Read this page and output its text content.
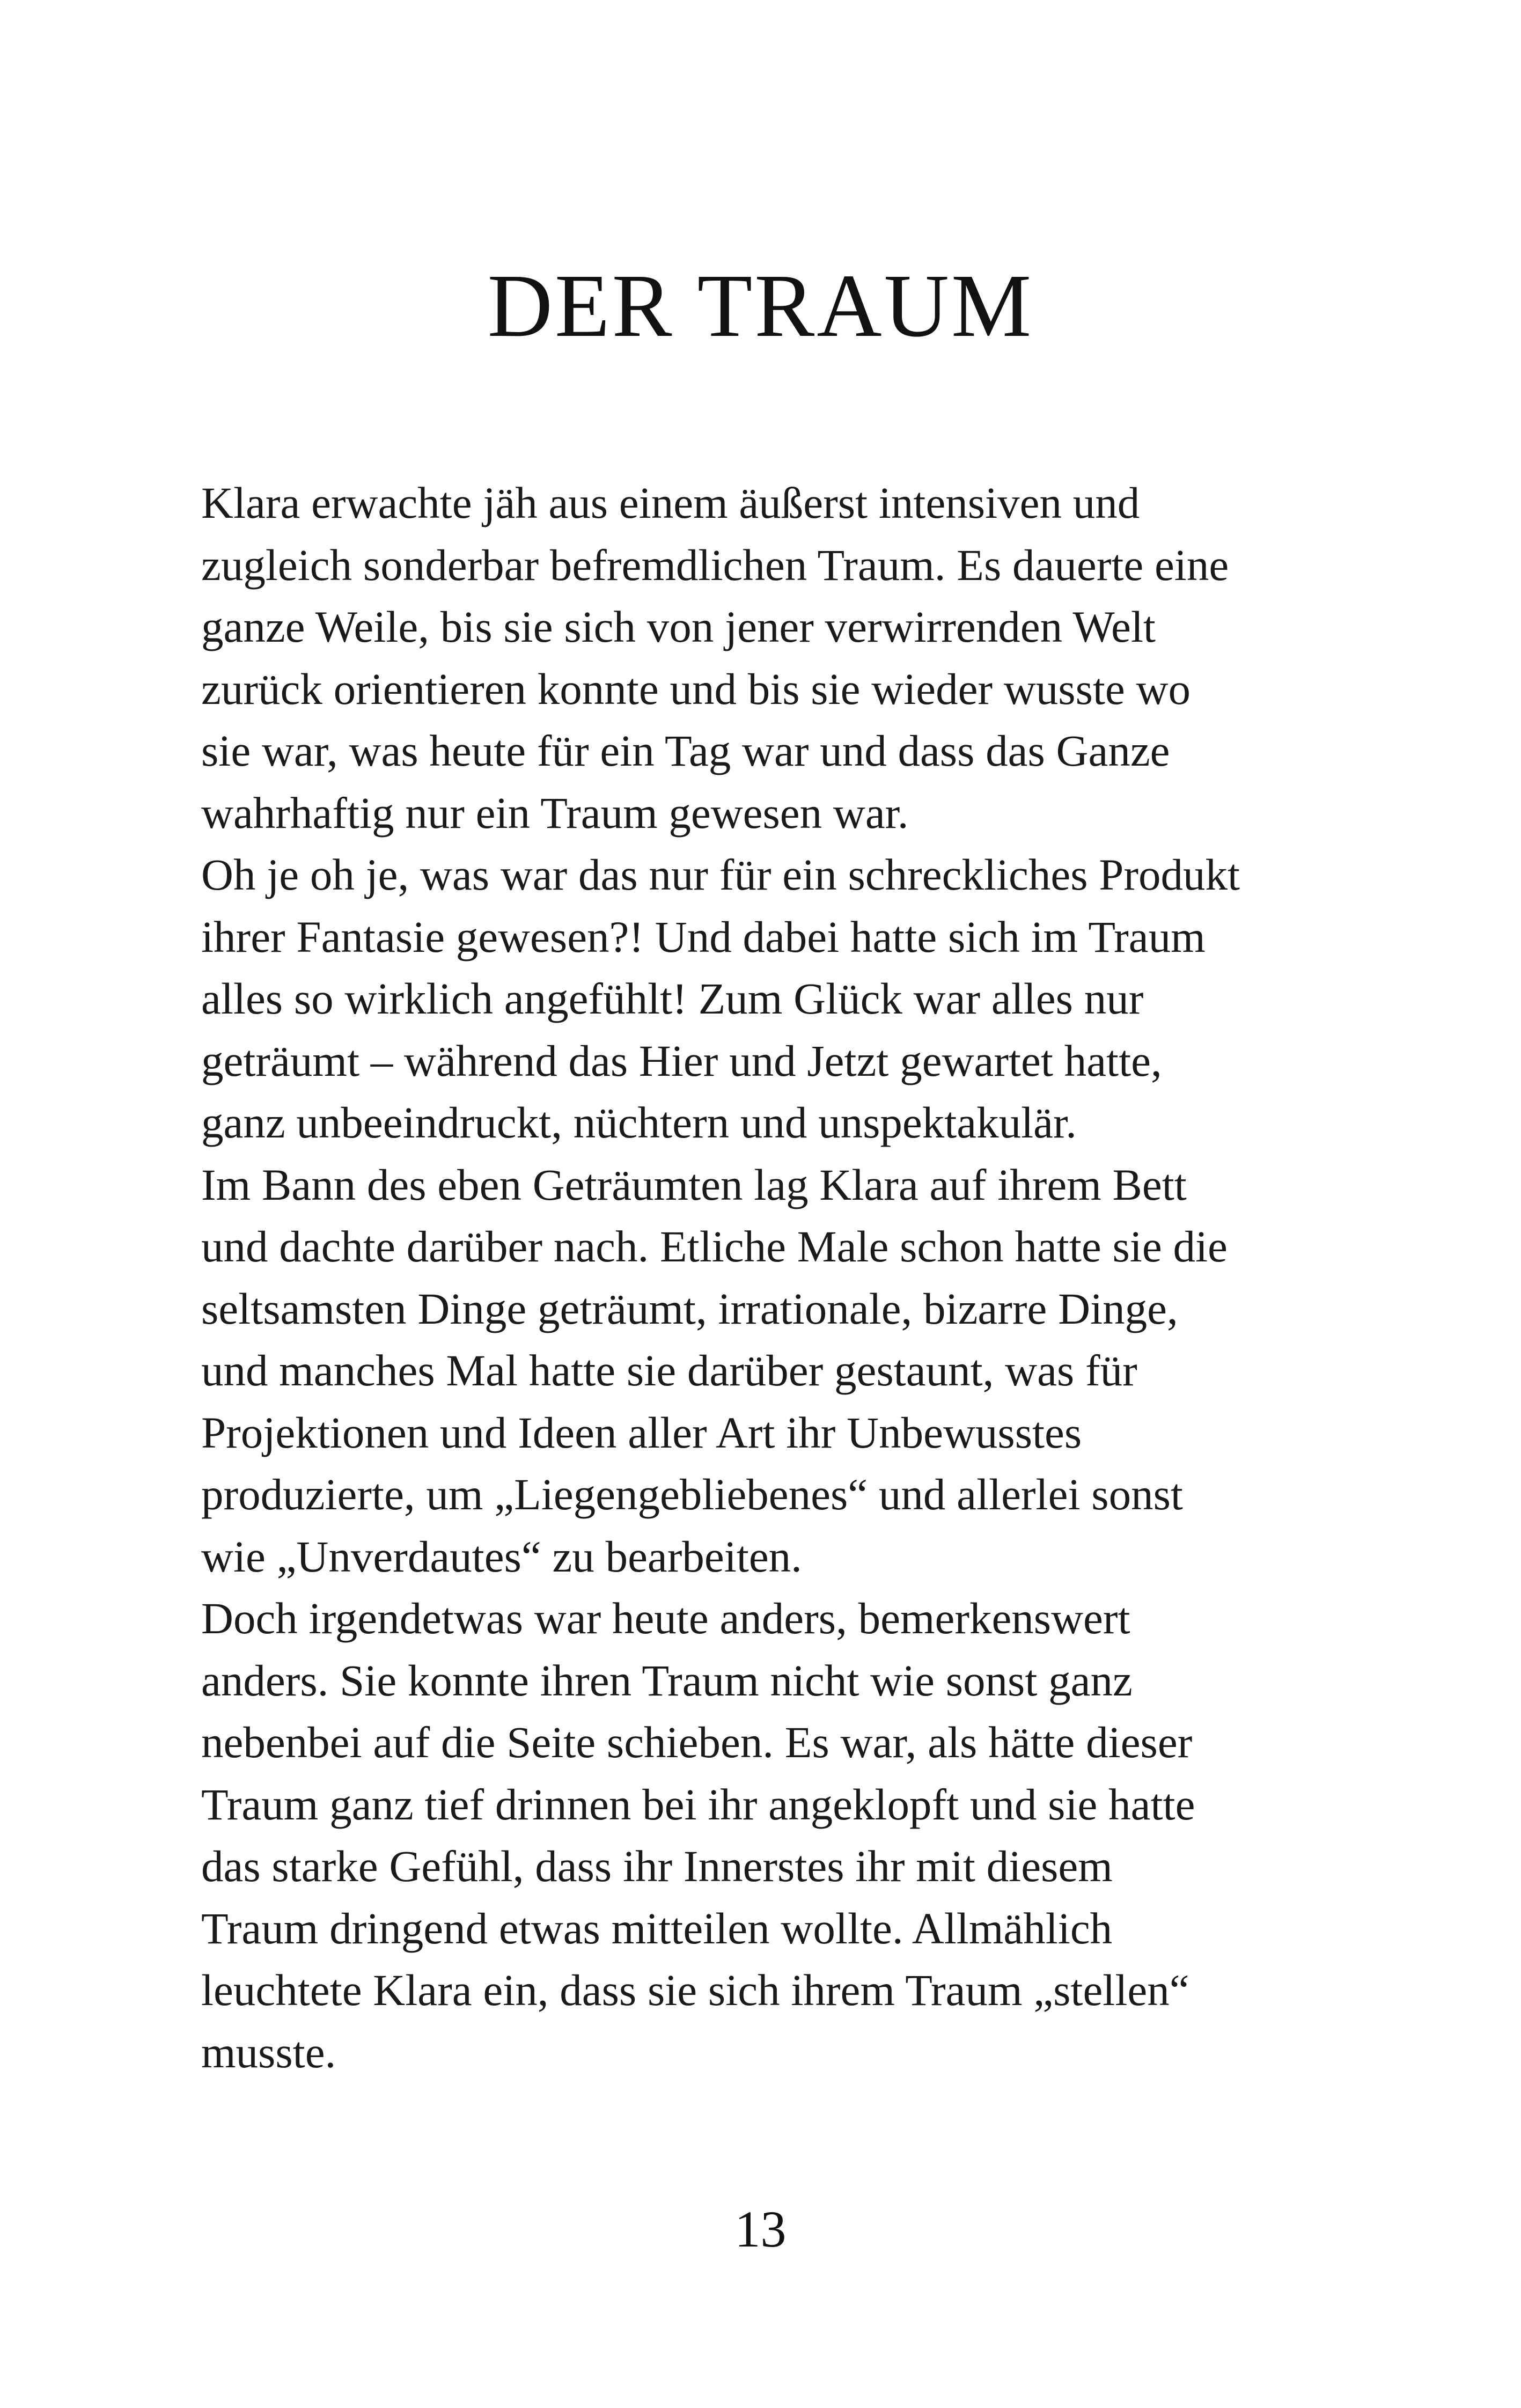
DER TRAUM
Klara erwachte jäh aus einem äußerst intensiven und
zugleich sonderbar befremdlichen Traum. Es dauerte eine
ganze Weile, bis sie sich von jener verwirrenden Welt
zurück orientieren konnte und bis sie wieder wusste wo
sie war, was heute für ein Tag war und dass das Ganze
wahrhaftig nur ein Traum gewesen war.
Oh je oh je, was war das nur für ein schreckliches Produkt
ihrer Fantasie gewesen?! Und dabei hatte sich im Traum
alles so wirklich angefühlt! Zum Glück war alles nur
geträumt – während das Hier und Jetzt gewartet hatte,
ganz unbeeindruckt, nüchtern und unspektakulär.
Im Bann des eben Geträumten lag Klara auf ihrem Bett
und dachte darüber nach. Etliche Male schon hatte sie die
seltsamsten Dinge geträumt, irrationale, bizarre Dinge,
und manches Mal hatte sie darüber gestaunt, was für
Projektionen und Ideen aller Art ihr Unbewusstes
produzierte, um „Liegengebliebenes“ und allerlei sonst
wie „Unverdautes“ zu bearbeiten.
Doch irgendetwas war heute anders, bemerkenswert
anders. Sie konnte ihren Traum nicht wie sonst ganz
nebenbei auf die Seite schieben. Es war, als hätte dieser
Traum ganz tief drinnen bei ihr angeklopft und sie hatte
das starke Gefühl, dass ihr Innerstes ihr mit diesem
Traum dringend etwas mitteilen wollte. Allmählich
leuchtete Klara ein, dass sie sich ihrem Traum „stellen“
musste.
13
